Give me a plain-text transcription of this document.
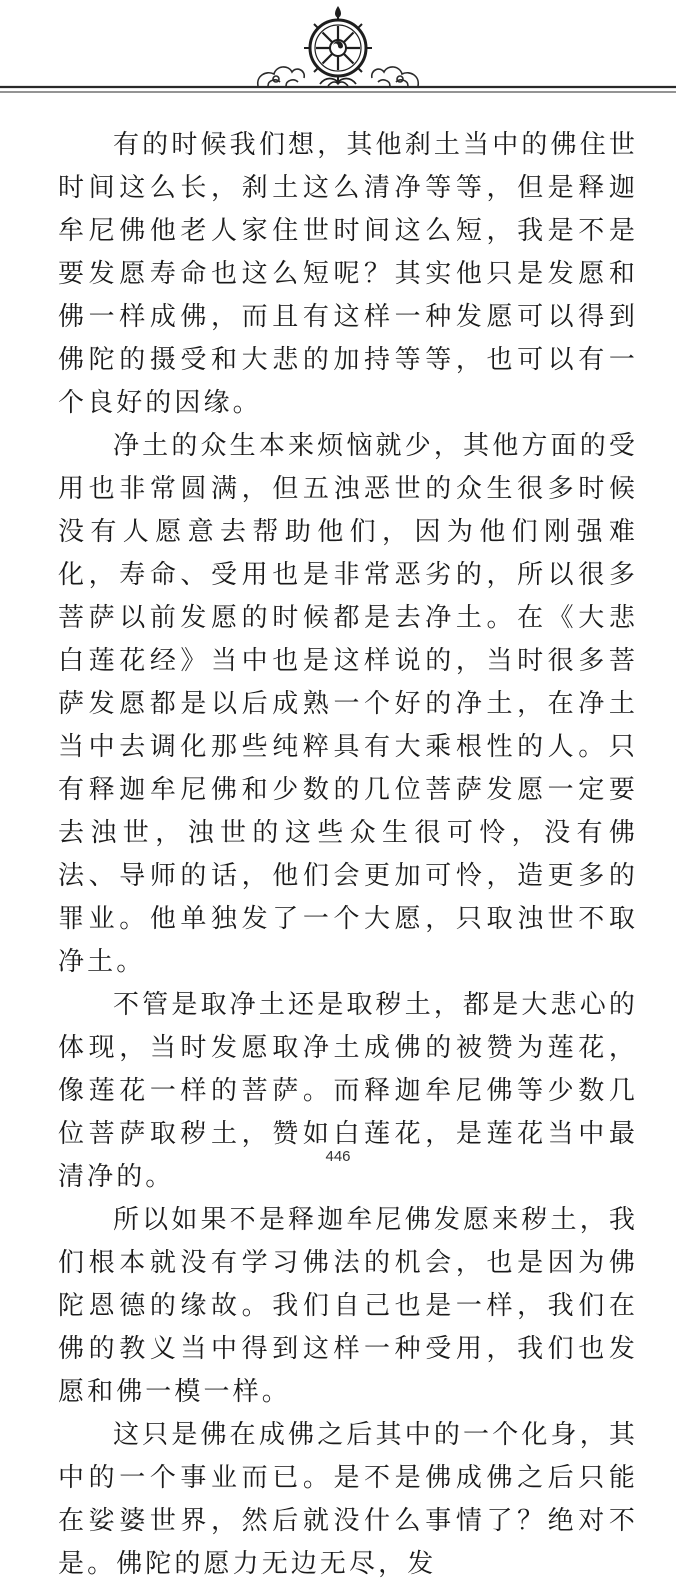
有的时候我们想，其他刹土当中的佛住世时间这么长，刹土这么清净等等，但是释迦牟尼佛他老人家住世时间这么短，我是不是要发愿寿命也这么短呢？其实他只是发愿和佛一样成佛，而且有这样一种发愿可以得到佛陀的摄受和大悲的加持等等，也可以有一个良好的因缘。

净土的众生本来烦恼就少，其他方面的受用也非常圆满，但五浊恶世的众生很多时候没有人愿意去帮助他们，因为他们刚强难化，寿命、受用也是非常恶劣的，所以很多菩萨以前发愿的时候都是去净土。在《大悲白莲花经》当中也是这样说的，当时很多菩萨发愿都是以后成熟一个好的净土，在净土当中去调化那些纯粹具有大乘根性的人。只有释迦牟尼佛和少数的几位菩萨发愿一定要去浊世，浊世的这些众生很可怜，没有佛法、导师的话，他们会更加可怜，造更多的罪业。他单独发了一个大愿，只取浊世不取净土。

不管是取净土还是取秽土，都是大悲心的体现，当时发愿取净土成佛的被赞为莲花，像莲花一样的菩萨。而释迦牟尼佛等少数几位菩萨取秽土，赞如白莲花，是莲花当中最清净的。

所以如果不是释迦牟尼佛发愿来秽土，我们根本就没有学习佛法的机会，也是因为佛陀恩德的缘故。我们自己也是一样，我们在佛的教义当中得到这样一种受用，我们也发愿和佛一模一样。

这只是佛在成佛之后其中的一个化身，其中的一个事业而已。是不是佛成佛之后只能在娑婆世界，然后就没什么事情了？绝对不是。佛陀的愿力无边无尽，发

446
